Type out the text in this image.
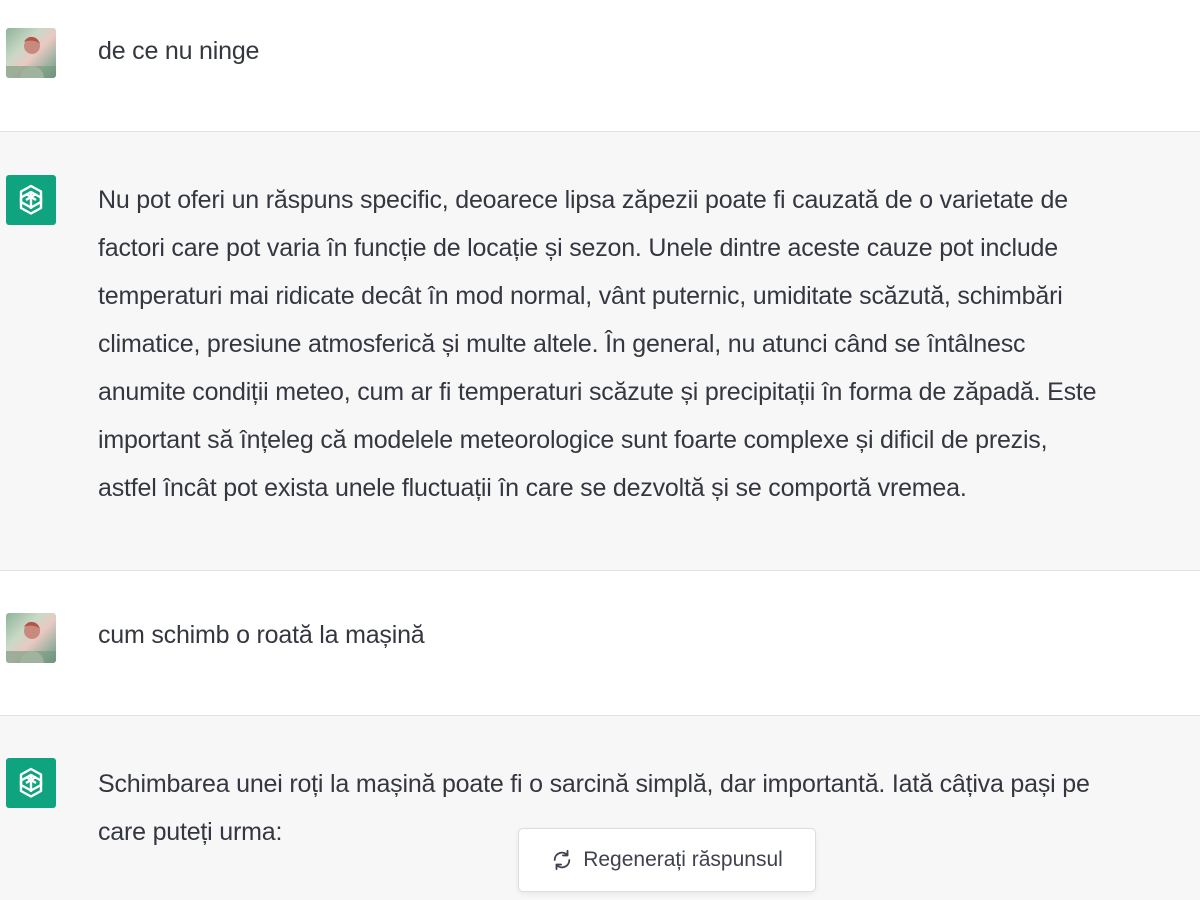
de ce nu ninge
Nu pot oferi un răspuns specific, deoarece lipsa zăpezii poate fi cauzată de o varietate de
factori care pot varia în funcție de locație și sezon. Unele dintre aceste cauze pot include
temperaturi mai ridicate decât în mod normal, vânt puternic, umiditate scăzută, schimbări
climatice, presiune atmosferică și multe altele. În general, nu atunci când se întâlnesc
anumite condiții meteo, cum ar fi temperaturi scăzute și precipitații în forma de zăpadă. Este
important să înțeleg că modelele meteorologice sunt foarte complexe și dificil de prezis,
astfel încât pot exista unele fluctuații în care se dezvoltă și se comportă vremea.
cum schimb o roată la mașină
Schimbarea unei roți la mașină poate fi o sarcină simplă, dar importantă. Iată câțiva pași pe
care puteți urma:
Regenerați răspunsul
